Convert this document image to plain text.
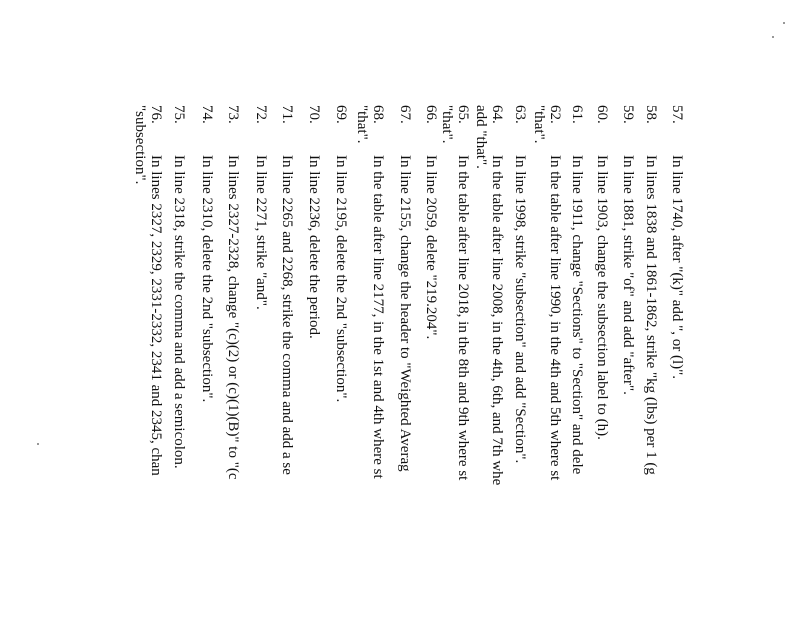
57.
In line 1740, after "(k)" add ", or (l)".
58.
In lines 1838 and 1861-1862, strike "kg (lbs) per 1 (g
59.
In line 1881, strike "of" and add "after".
60.
In line 1903, change the subsection label to (h).
61.
In line 1911, change "Sections" to "Section" and dele
62.
In the table after line 1990, in the 4th and 5th where st
"that".
63.
In line 1998, strike "subsection" and add "Section".
64.
In the table after line 2008, in the 4th, 6th, and 7th whe
add "that".
65.
In the table after line 2018, in the 8th and 9th where st
"that".
66.
In line 2059, delete "219.204".
67.
In line 2155, change the header to "Weighted Averag
68.
In the table after line 2177, in the 1st and 4th where st
"that".
69.
In line 2195, delete the 2nd "subsection".
70.
In line 2236, delete the period.
71.
In line 2265 and 2268, strike the comma and add a se
72.
In line 2271, strike "and".
73.
In lines 2327-2328, change "(c)(2) or (c)(1)(B)" to "(c
74.
In line 2310, delete the 2nd "subsection".
75.
In line 2318, strike the comma and add a semicolon.
76.
In lines 2327, 2329, 2331-2332, 2341 and 2345, chan
"subsection".
